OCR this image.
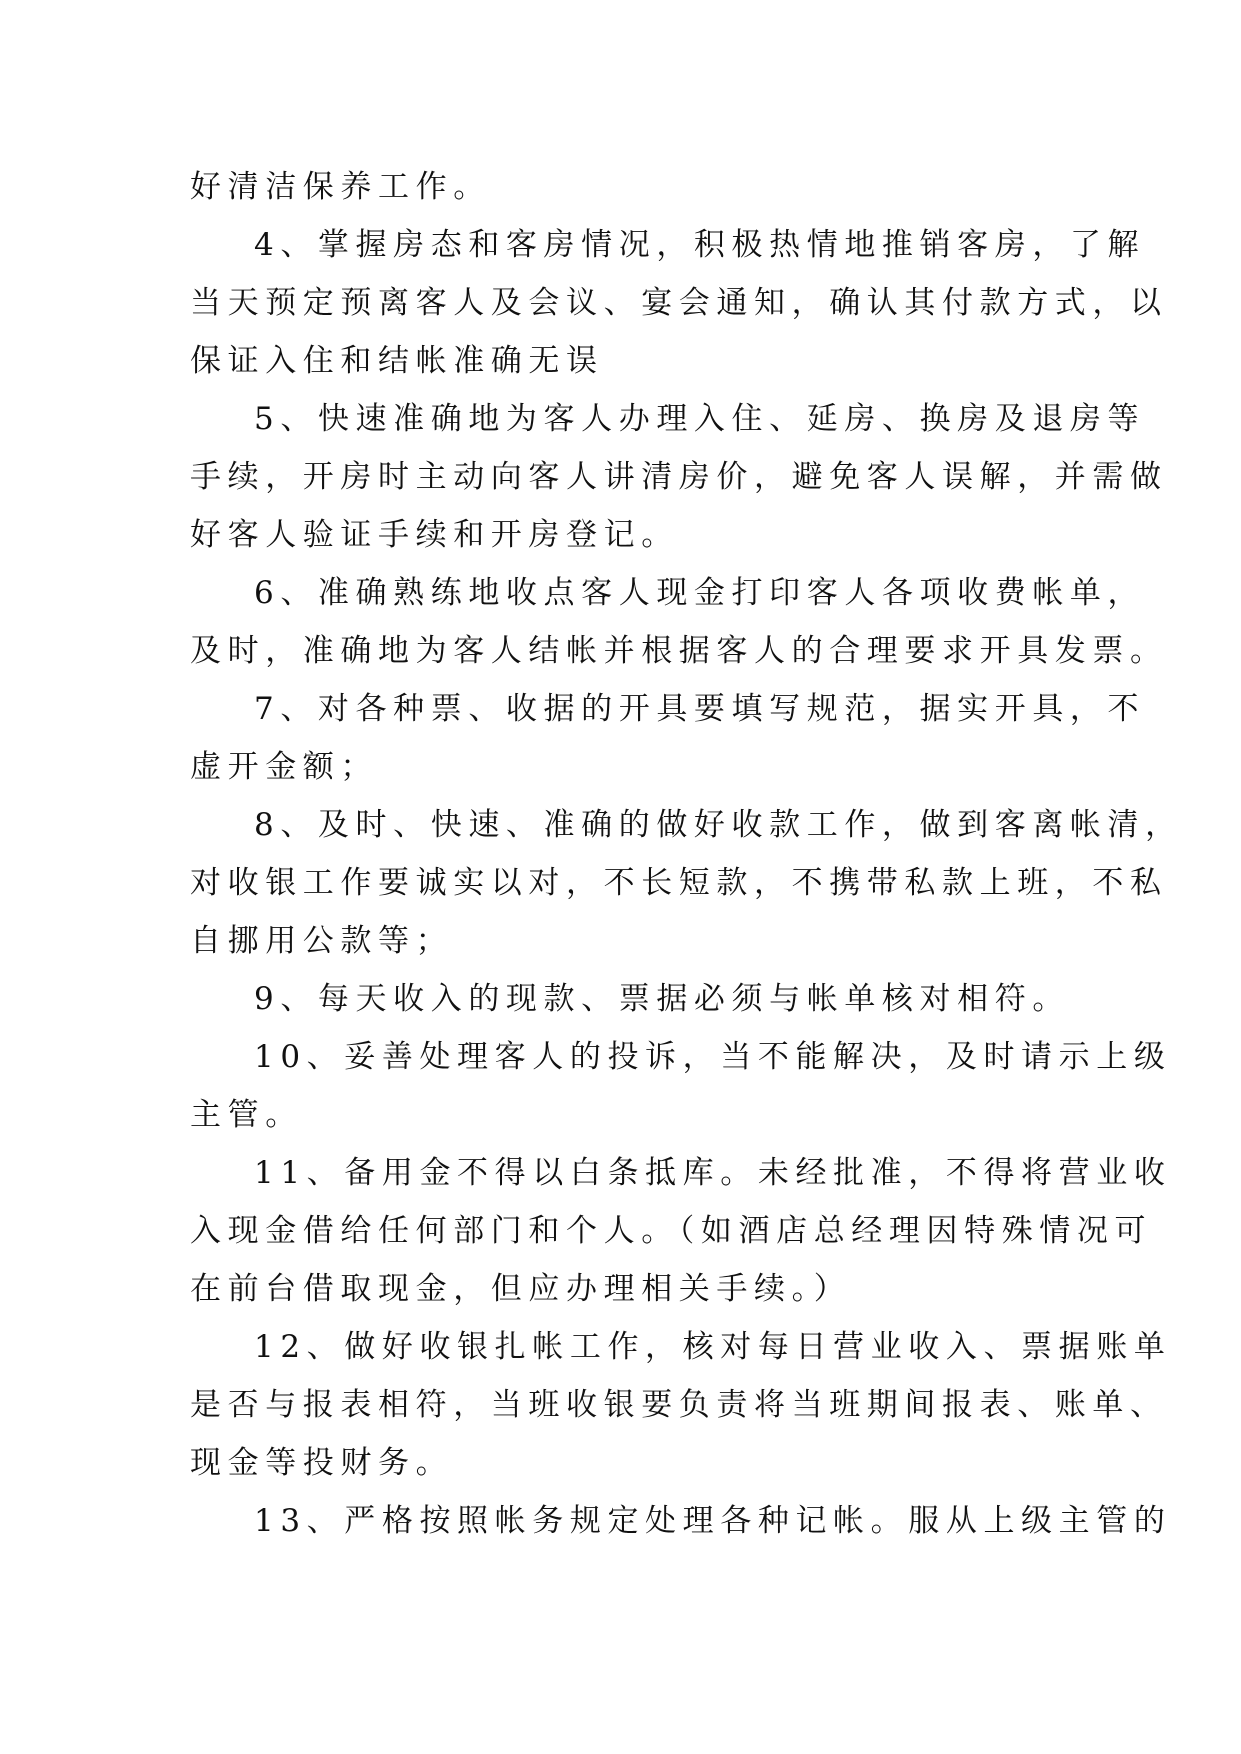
好清洁保养工作。

4、掌握房态和客房情况，积极热情地推销客房，了解

当天预定预离客人及会议、宴会通知，确认其付款方式，以

保证入住和结帐准确无误

5、快速准确地为客人办理入住、延房、换房及退房等

手续，开房时主动向客人讲清房价，避免客人误解，并需做

好客人验证手续和开房登记。

6、准确熟练地收点客人现金打印客人各项收费帐单，

及时，准确地为客人结帐并根据客人的合理要求开具发票。

7、对各种票、收据的开具要填写规范，据实开具，不

虚开金额；

8、及时、快速、准确的做好收款工作，做到客离帐清，

对收银工作要诚实以对，不长短款，不携带私款上班，不私

自挪用公款等；

9、每天收入的现款、票据必须与帐单核对相符。

10、妥善处理客人的投诉，当不能解决，及时请示上级

主管。

11、备用金不得以白条抵库。未经批准，不得将营业收

入现金借给任何部门和个人。（如酒店总经理因特殊情况可

在前台借取现金，但应办理相关手续。）

12、做好收银扎帐工作，核对每日营业收入、票据账单

是否与报表相符，当班收银要负责将当班期间报表、账单、

现金等投财务。

13、严格按照帐务规定处理各种记帐。服从上级主管的
